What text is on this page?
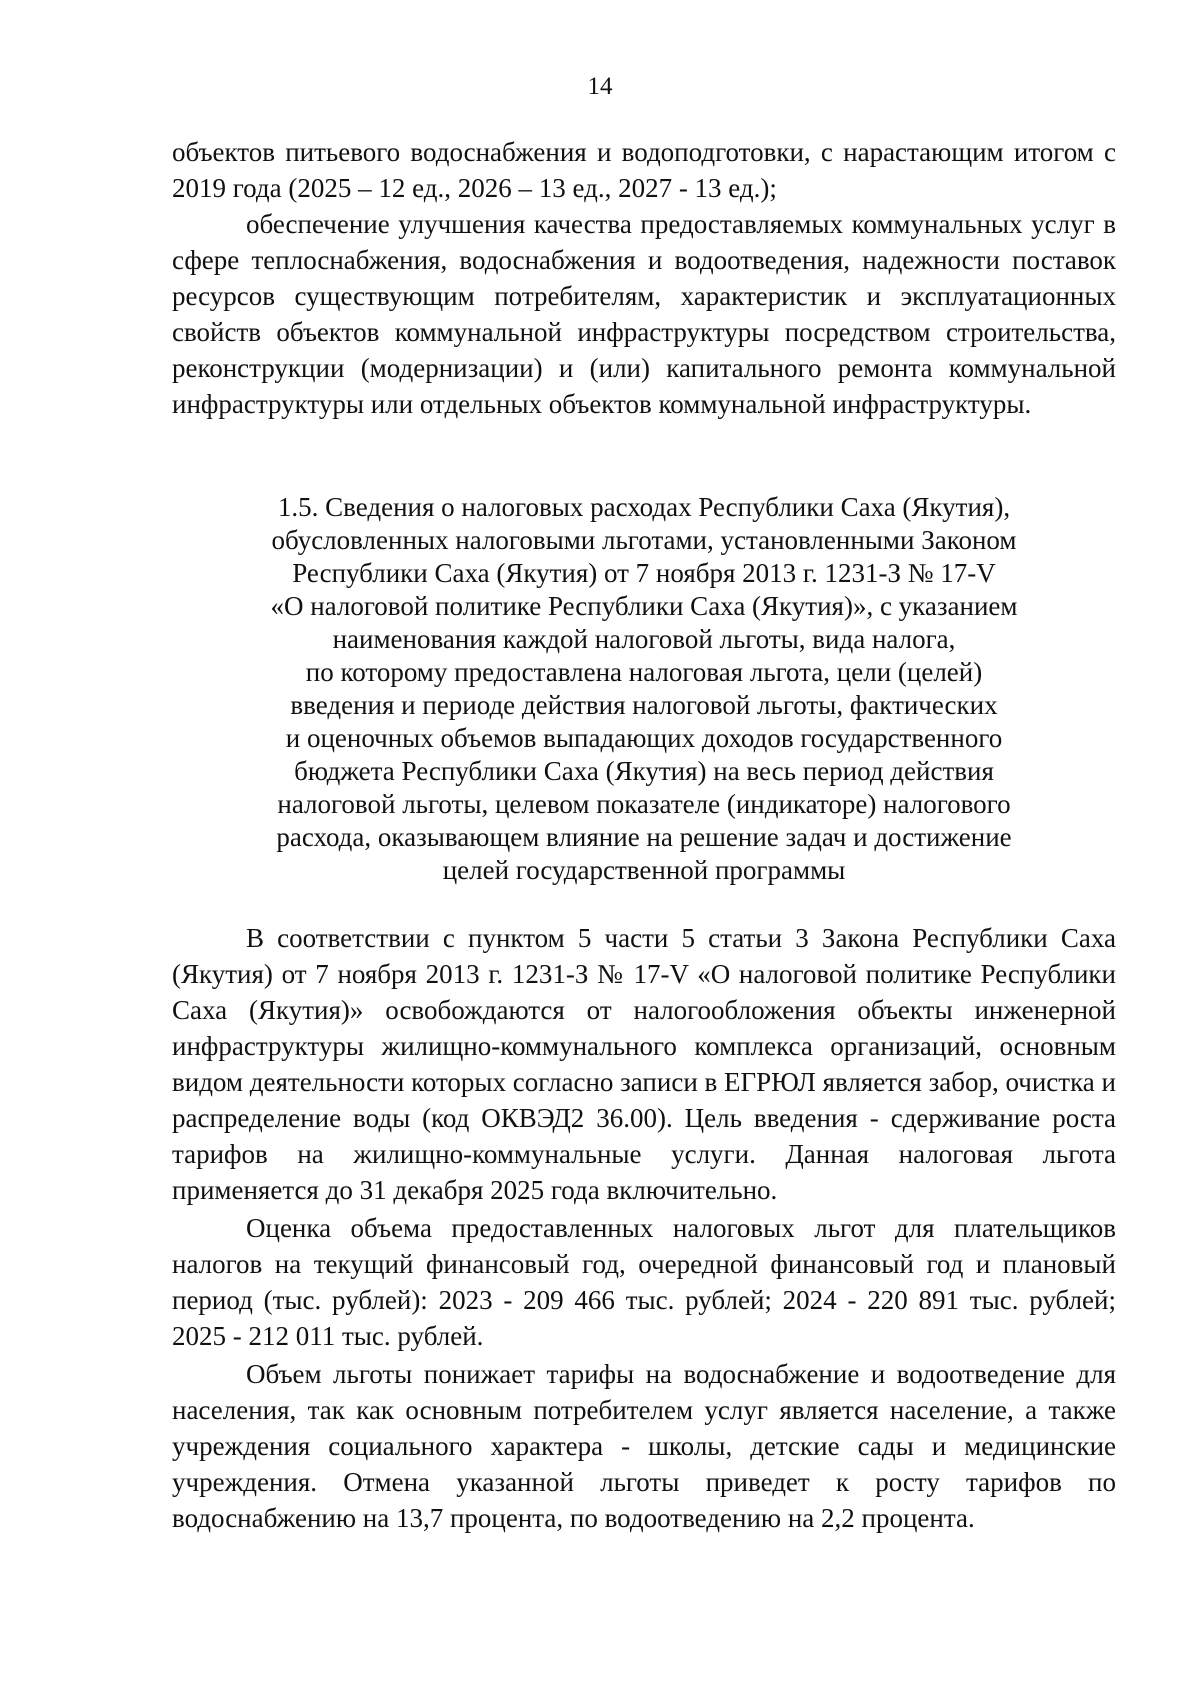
14

объектов питьевого водоснабжения и водоподготовки, с нарастающим итогом с 2019 года (2025 – 12 ед., 2026 – 13 ед., 2027 - 13 ед.);

обеспечение улучшения качества предоставляемых коммунальных услуг в сфере теплоснабжения, водоснабжения и водоотведения, надежности поставок ресурсов существующим потребителям, характеристик и эксплуатационных свойств объектов коммунальной инфраструктуры посредством строительства, реконструкции (модернизации) и (или) капитального ремонта коммунальной инфраструктуры или отдельных объектов коммунальной инфраструктуры.

1.5. Сведения о налоговых расходах Республики Саха (Якутия),
обусловленных налоговыми льготами, установленными Законом
Республики Саха (Якутия) от 7 ноября 2013 г. 1231-З № 17-V
«О налоговой политике Республики Саха (Якутия)», с указанием
наименования каждой налоговой льготы, вида налога,
по которому предоставлена налоговая льгота, цели (целей)
введения и периоде действия налоговой льготы, фактических
и оценочных объемов выпадающих доходов государственного
бюджета Республики Саха (Якутия) на весь период действия
налоговой льготы, целевом показателе (индикаторе) налогового
расхода, оказывающем влияние на решение задач и достижение
целей государственной программы

В соответствии с пунктом 5 части 5 статьи 3 Закона Республики Саха (Якутия) от 7 ноября 2013 г. 1231-З № 17-V «О налоговой политике Республики Саха (Якутия)» освобождаются от налогообложения объекты инженерной инфраструктуры жилищно-коммунального комплекса организаций, основным видом деятельности которых согласно записи в ЕГРЮЛ является забор, очистка и распределение воды (код ОКВЭД2 36.00). Цель введения - сдерживание роста тарифов на жилищно-коммунальные услуги. Данная налоговая льгота применяется до 31 декабря 2025 года включительно.

Оценка объема предоставленных налоговых льгот для плательщиков налогов на текущий финансовый год, очередной финансовый год и плановый период (тыс. рублей): 2023 - 209 466 тыс. рублей; 2024 - 220 891 тыс. рублей; 2025 - 212 011 тыс. рублей.

Объем льготы понижает тарифы на водоснабжение и водоотведение для населения, так как основным потребителем услуг является население, а также учреждения социального характера - школы, детские сады и медицинские учреждения. Отмена указанной льготы приведет к росту тарифов по водоснабжению на 13,7 процента, по водоотведению на 2,2 процента.
